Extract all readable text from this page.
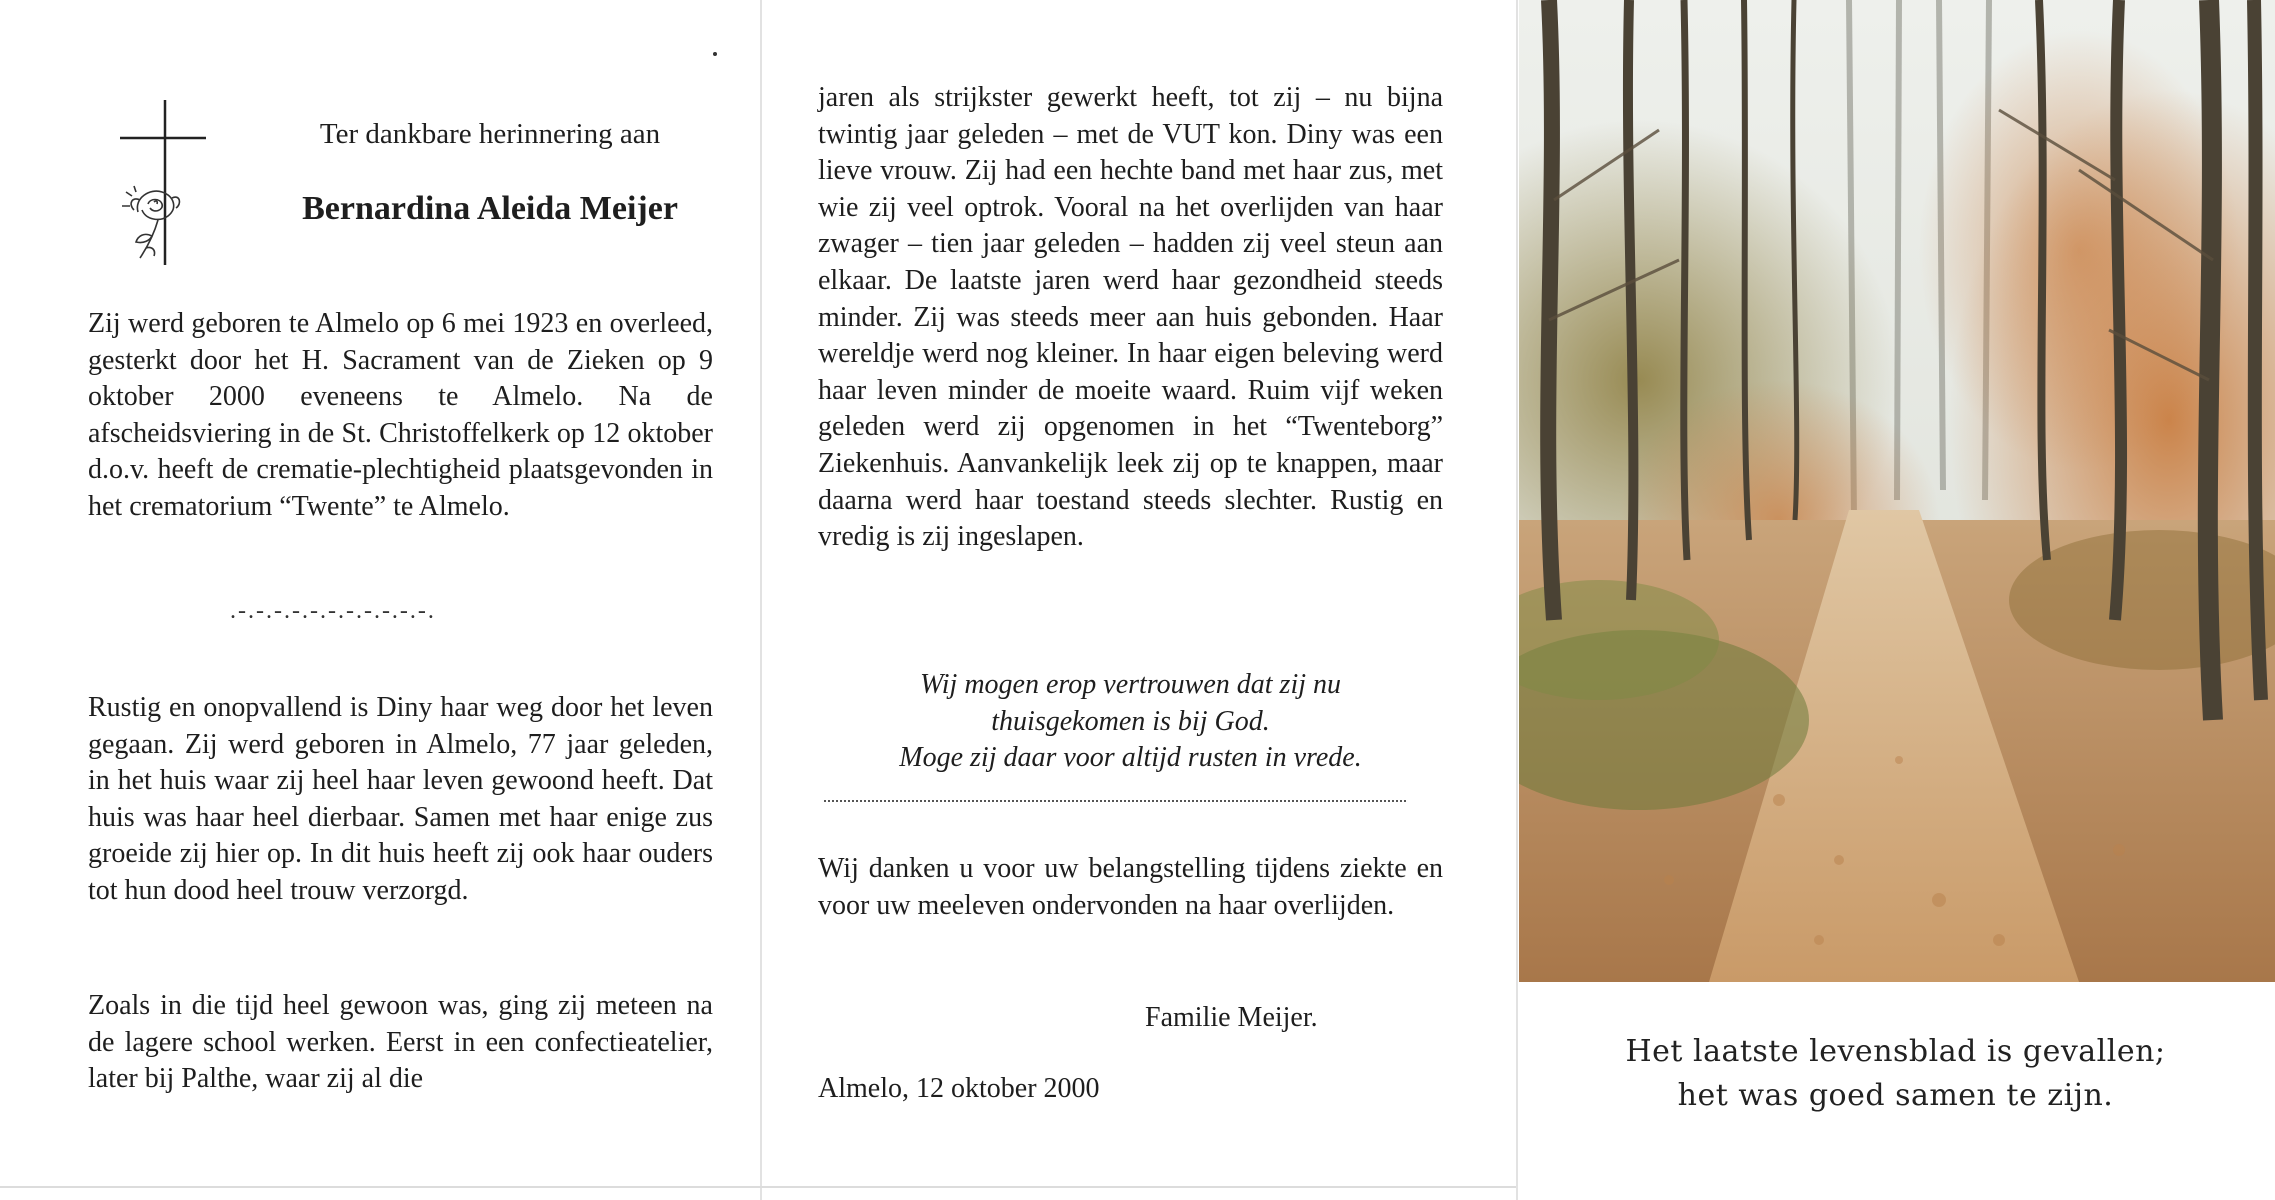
Ter dankbare herinnering aan
Bernardina Aleida Meijer
Zij werd geboren te Almelo op 6 mei 1923 en overleed, gesterkt door het H. Sacrament van de Zieken op 9 oktober 2000 eveneens te Almelo. Na de afscheidsviering in de St. Christoffelkerk op 12 oktober d.o.v. heeft de crematie-plechtigheid plaatsgevonden in het crematorium “Twente” te Almelo.
.-.-.-.-.-.-.-.-.-.-.-.
Rustig en onopvallend is Diny haar weg door het leven gegaan. Zij werd geboren in Almelo, 77 jaar geleden, in het huis waar zij heel haar leven gewoond heeft. Dat huis was haar heel dierbaar. Samen met haar enige zus groeide zij hier op. In dit huis heeft zij ook haar ouders tot hun dood heel trouw verzorgd.
Zoals in die tijd heel gewoon was, ging zij meteen na de lagere school werken. Eerst in een confectieatelier, later bij Palthe, waar zij al die
jaren als strijkster gewerkt heeft, tot zij – nu bijna twintig jaar geleden – met de VUT kon. Diny was een lieve vrouw. Zij had een hechte band met haar zus, met wie zij veel optrok. Vooral na het overlijden van haar zwager – tien jaar geleden – hadden zij veel steun aan elkaar. De laatste jaren werd haar gezondheid steeds minder. Zij was steeds meer aan huis gebonden. Haar wereldje werd nog kleiner. In haar eigen beleving werd haar leven minder de moeite waard. Ruim vijf weken geleden werd zij opgenomen in het “Twenteborg” Ziekenhuis. Aanvankelijk leek zij op te knappen, maar daarna werd haar toestand steeds slechter. Rustig en vredig is zij ingeslapen.
Wij mogen erop vertrouwen dat zij nu
thuisgekomen is bij God.
Moge zij daar voor altijd rusten in vrede.
Wij danken u voor uw belangstelling tijdens ziekte en voor uw meeleven ondervonden na haar overlijden.
Familie Meijer.
Almelo, 12 oktober 2000
Het laatste levensblad is gevallen;
het was goed samen te zijn.
